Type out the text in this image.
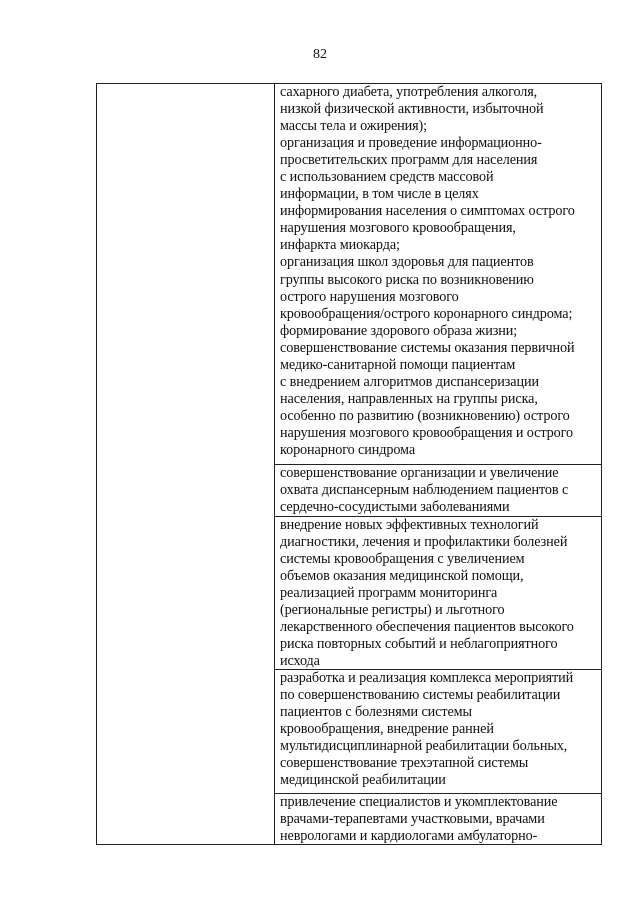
82
сахарного диабета, употребления алкоголя,
низкой физической активности, избыточной
массы тела и ожирения);
организация и проведение информационно-
просветительских программ для населения
с использованием средств массовой
информации, в том числе в целях
информирования населения о симптомах острого
нарушения мозгового кровообращения,
инфаркта миокарда;
организация школ здоровья для пациентов
группы высокого риска по возникновению
острого нарушения мозгового
кровообращения/острого коронарного синдрома;
формирование здорового образа жизни;
совершенствование системы оказания первичной
медико-санитарной помощи пациентам
с внедрением алгоритмов диспансеризации
населения, направленных на группы риска,
особенно по развитию (возникновению) острого
нарушения мозгового кровообращения и острого
коронарного синдрома
совершенствование организации и увеличение
охвата диспансерным наблюдением пациентов с
сердечно-сосудистыми заболеваниями
внедрение новых эффективных технологий
диагностики, лечения и профилактики болезней
системы кровообращения с увеличением
объемов оказания медицинской помощи,
реализацией программ мониторинга
(региональные регистры) и льготного
лекарственного обеспечения пациентов высокого
риска повторных событий и неблагоприятного
исхода
разработка и реализация комплекса мероприятий
по совершенствованию системы реабилитации
пациентов с болезнями системы
кровообращения, внедрение ранней
мультидисциплинарной реабилитации больных,
совершенствование трехэтапной системы
медицинской реабилитации
привлечение специалистов и укомплектование
врачами-терапевтами участковыми, врачами
неврологами и кардиологами амбулаторно-
